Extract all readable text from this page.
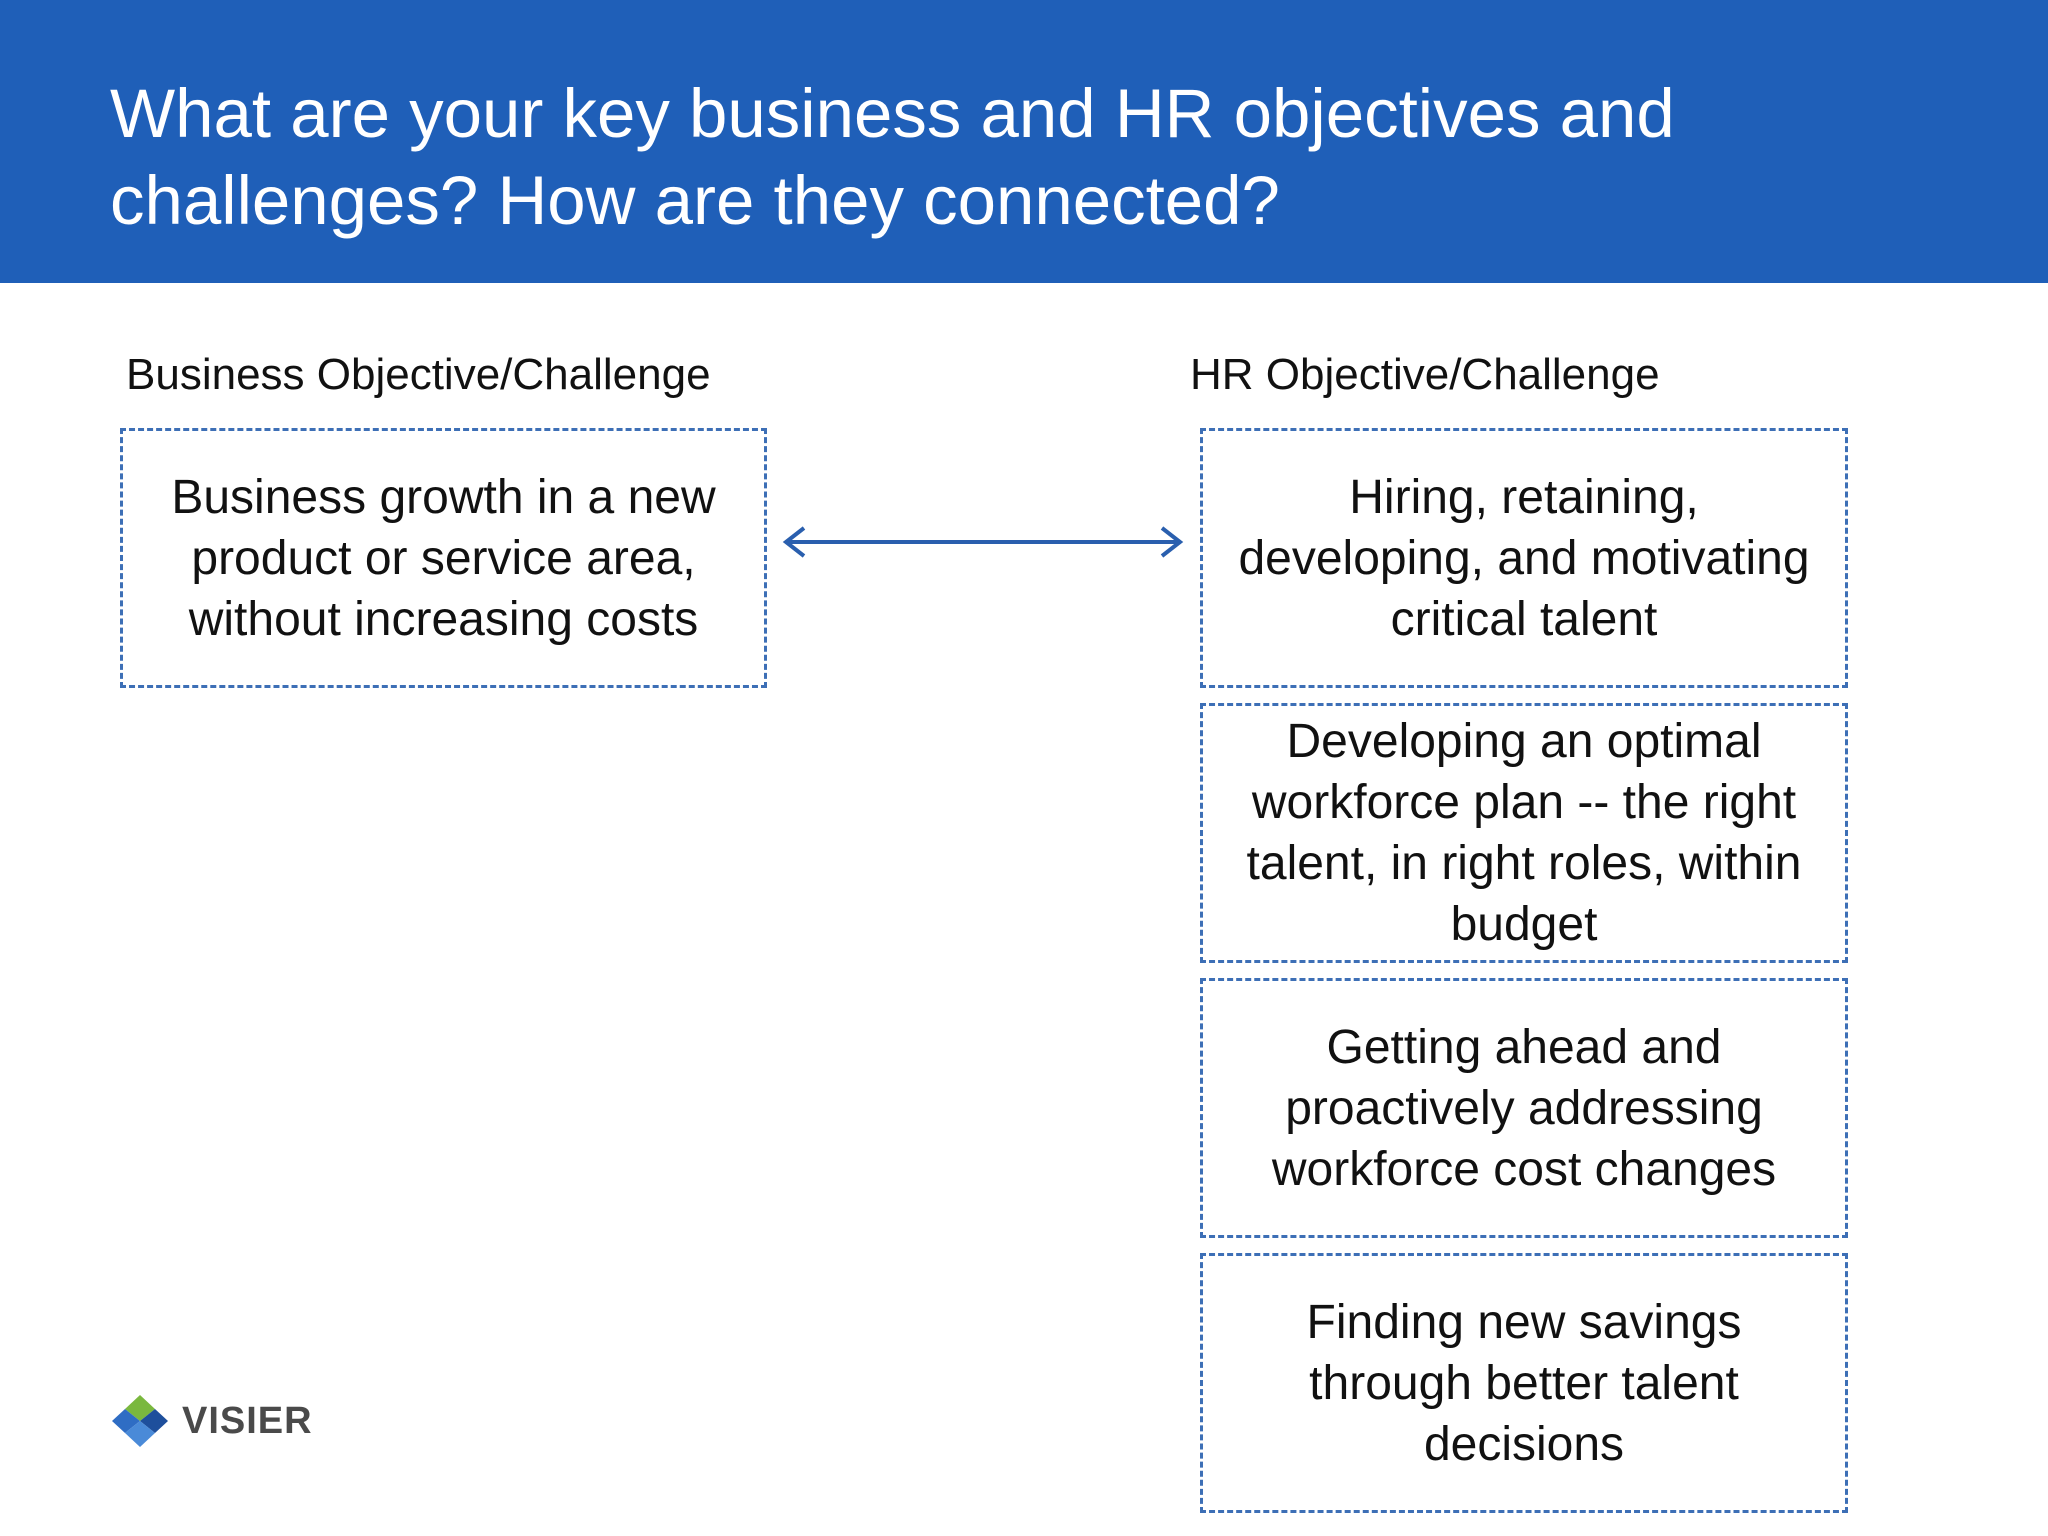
What are your key business and HR objectives and
challenges? How are they connected?
Business Objective/Challenge	HR Objective/Challenge
Business growth in a new product or service area, without increasing costs
Hiring, retaining, developing, and motivating critical talent
Developing an optimal workforce plan -- the right talent, in right roles, within budget
Getting ahead and proactively addressing workforce cost changes
Finding new savings through better talent decisions
VISIER
